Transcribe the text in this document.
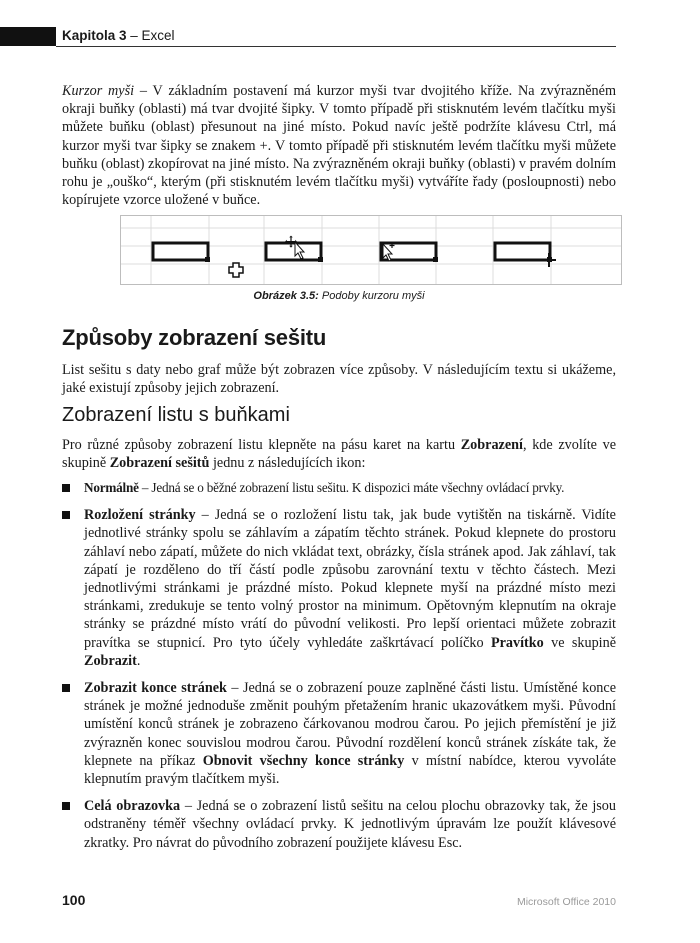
Kapitola 3 – Excel

Kurzor myši – V základním postavení má kurzor myši tvar dvojitého kříže. Na zvýrazněném okraji buňky (oblasti) má tvar dvojité šipky. V tomto případě při stisknutém levém tlačítku myši můžete buňku (oblast) přesunout na jiné místo. Pokud navíc ještě podržíte klávesu Ctrl, má kurzor myši tvar šipky se znakem +. V tomto případě při stisknutém levém tlačítku myši můžete buňku (oblast) zkopírovat na jiné místo. Na zvýrazněném okraji buňky (oblasti) v pravém dolním rohu je „ouško“, kterým (při stisknutém levém tlačítku myši) vytváříte řady (posloupnosti) nebo kopírujete vzorce uložené v buňce.

Obrázek 3.5: Podoby kurzoru myši
Způsoby zobrazení sešitu

List sešitu s daty nebo graf může být zobrazen více způsoby. V následujícím textu si ukážeme, jaké existují způsoby jejich zobrazení.

Zobrazení listu s buňkami

Pro různé způsoby zobrazení listu klepněte na pásu karet na kartu Zobrazení, kde zvolíte ve skupině Zobrazení sešitů jednu z následujících ikon:

Normálně – Jedná se o běžné zobrazení listu sešitu. K dispozici máte všechny ovládací prvky.
Rozložení stránky – Jedná se o rozložení listu tak, jak bude vytištěn na tiskárně. Vidíte jednotlivé stránky spolu se záhlavím a zápatím těchto stránek. Pokud klepnete do prostoru záhlaví nebo zápatí, můžete do nich vkládat text, obrázky, čísla stránek apod. Jak záhlaví, tak zápatí je rozděleno do tří částí podle způsobu zarovnání textu v těchto částech. Mezi jednotlivými stránkami je prázdné místo. Pokud klepnete myší na prázdné místo mezi stránkami, zredukuje se tento volný prostor na minimum. Opětovným klepnutím na okraje stránky se prázdné místo vrátí do původní velikosti. Pro lepší orientaci můžete zobrazit pravítka se stupnicí. Pro tyto účely vyhledáte zaškrtávací políčko Pravítko ve skupině Zobrazit.
Zobrazit konce stránek – Jedná se o zobrazení pouze zaplněné části listu. Umístěné konce stránek je možné jednoduše změnit pouhým přetažením hranic ukazovátkem myši. Původní umístění konců stránek je zobrazeno čárkovanou modrou čarou. Po jejich přemístění je již zvýrazněn konec souvislou modrou čarou. Původní rozdělení konců stránek získáte tak, že klepnete na příkaz Obnovit všechny konce stránky v místní nabídce, kterou vyvoláte klepnutím pravým tlačítkem myši.
Celá obrazovka – Jedná se o zobrazení listů sešitu na celou plochu obrazovky tak, že jsou odstraněny téměř všechny ovládací prvky. K jednotlivým úpravám lze použít klávesové zkratky. Pro návrat do původního zobrazení použijete klávesu Esc.
100	Microsoft Office 2010
